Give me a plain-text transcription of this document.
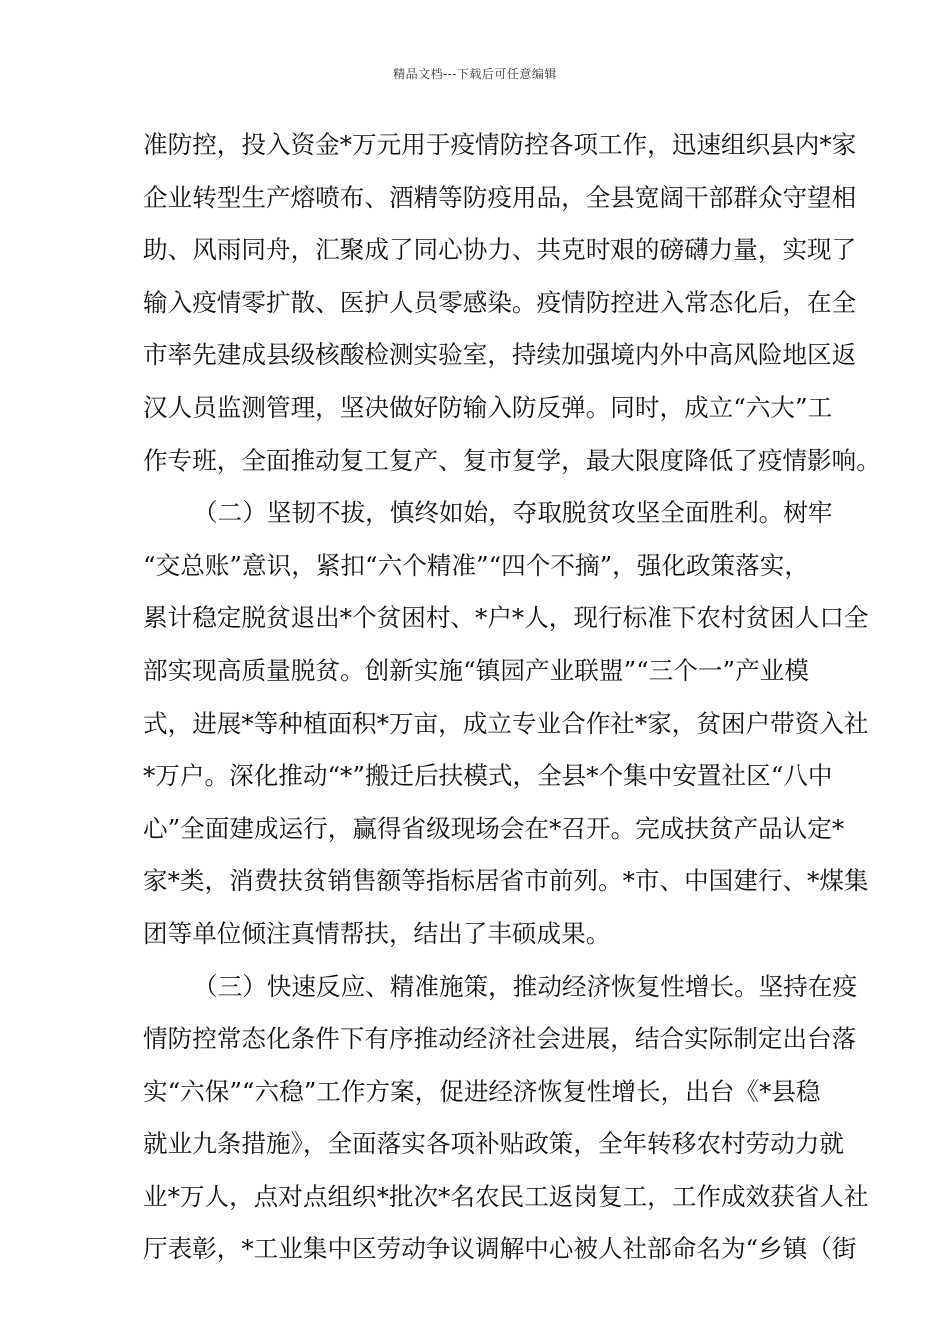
精品文档---下载后可任意编辑
准防控，投入资金*万元用于疫情防控各项工作，迅速组织县内*家
企业转型生产熔喷布、酒精等防疫用品，全县宽阔干部群众守望相
助、风雨同舟，汇聚成了同心协力、共克时艰的磅礴力量，实现了
输入疫情零扩散、医护人员零感染。疫情防控进入常态化后，在全
市率先建成县级核酸检测实验室，持续加强境内外中高风险地区返
汉人员监测管理，坚决做好防输入防反弹。同时，成立“六大”工
作专班，全面推动复工复产、复市复学，最大限度降低了疫情影响。
（二）坚韧不拔，慎终如始，夺取脱贫攻坚全面胜利。树牢
“交总账”意识，紧扣“六个精准”“四个不摘”，强化政策落实，
累计稳定脱贫退出*个贫困村、*户*人，现行标准下农村贫困人口全
部实现高质量脱贫。创新实施“镇园产业联盟”“三个一”产业模
式，进展*等种植面积*万亩，成立专业合作社*家，贫困户带资入社
*万户。深化推动“*”搬迁后扶模式，全县*个集中安置社区“八中
心”全面建成运行，赢得省级现场会在*召开。完成扶贫产品认定*
家*类，消费扶贫销售额等指标居省市前列。*市、中国建行、*煤集
团等单位倾注真情帮扶，结出了丰硕成果。
（三）快速反应、精准施策，推动经济恢复性增长。坚持在疫
情防控常态化条件下有序推动经济社会进展，结合实际制定出台落
实“六保”“六稳”工作方案，促进经济恢复性增长，出台《*县稳
就业九条措施》，全面落实各项补贴政策，全年转移农村劳动力就
业*万人，点对点组织*批次*名农民工返岗复工，工作成效获省人社
厅表彰，*工业集中区劳动争议调解中心被人社部命名为“乡镇（街
